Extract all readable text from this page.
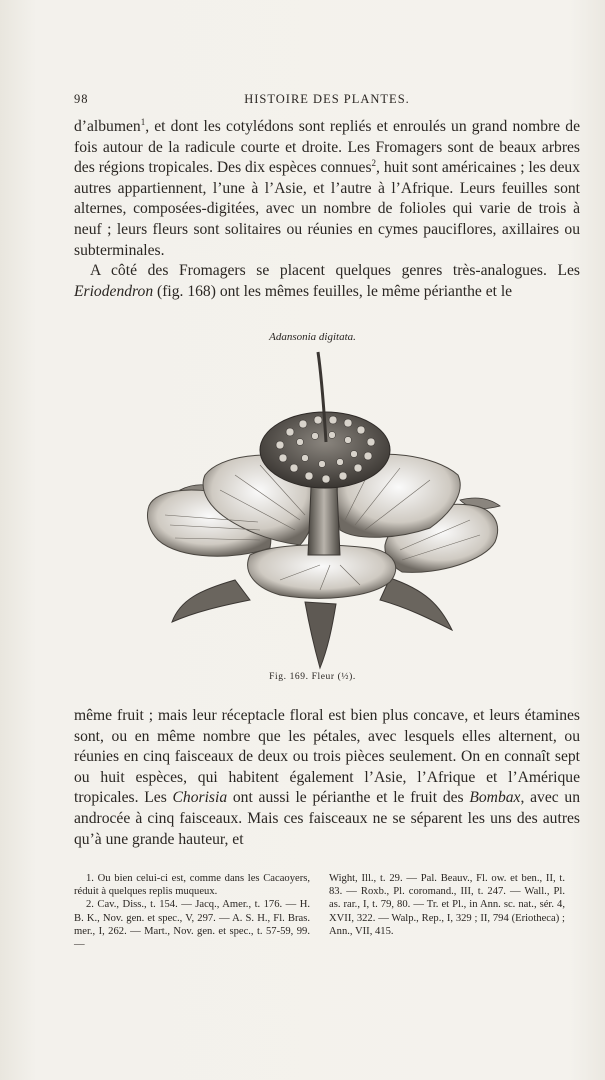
98	HISTOIRE DES PLANTES.

d’albumen$^1$, et dont les cotylédons sont repliés et enroulés un grand nombre de fois autour de la radicule courte et droite. Les Fromagers sont de beaux arbres des régions tropicales. Des dix espèces connues$^2$, huit sont américaines ; les deux autres appartiennent, l’une à l’Asie, et l’autre à l’Afrique. Leurs feuilles sont alternes, composées-digitées, avec un nombre de folioles qui varie de trois à neuf ; leurs fleurs sont solitaires ou réunies en cymes pauciflores, axillaires ou subterminales.

A côté des Fromagers se placent quelques genres très-analogues. Les Eriodendron (fig. 168) ont les mêmes feuilles, le même périanthe et le

Adansonia digitata.
Fig. 169. Fleur (½).

même fruit ; mais leur réceptacle floral est bien plus concave, et leurs étamines sont, ou en même nombre que les pétales, avec lesquels elles alternent, ou réunies en cinq faisceaux de deux ou trois pièces seulement. On en connaît sept ou huit espèces, qui habitent également l’Asie, l’Afrique et l’Amérique tropicales. Les Chorisia ont aussi le périanthe et le fruit des Bombax, avec un androcée à cinq faisceaux. Mais ces faisceaux ne se séparent les uns des autres qu’à une grande hauteur, et

1. Ou bien celui-ci est, comme dans les Cacaoyers, réduit à quelques replis muqueux.

2. Cav., Diss., t. 154. — Jacq., Amer., t. 176. — H. B. K., Nov. gen. et spec., V, 297. — A. S. H., Fl. Bras. mer., I, 262. — Mart., Nov. gen. et spec., t. 57-59, 99. —

Wight, Ill., t. 29. — Pal. Beauv., Fl. ow. et ben., II, t. 83. — Roxb., Pl. coromand., III, t. 247. — Wall., Pl. as. rar., I, t. 79, 80. — Tr. et Pl., in Ann. sc. nat., sér. 4, XVII, 322. — Walp., Rep., I, 329 ; II, 794 (Eriotheca) ; Ann., VII, 415.
